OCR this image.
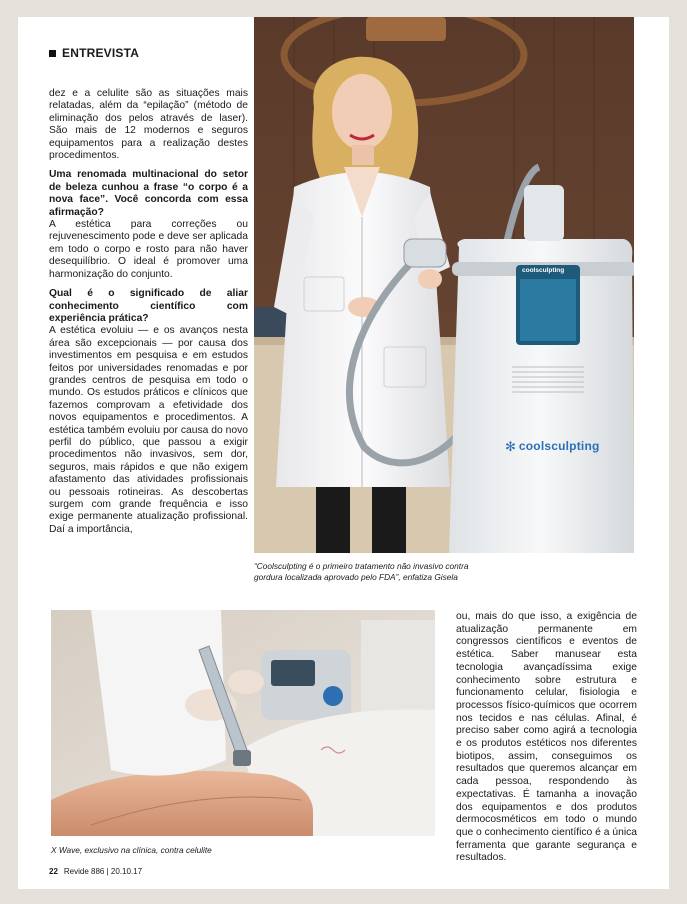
ENTREVISTA

dez e a celulite são as situações mais relatadas, além da “epilação” (método de eliminação dos pelos através de laser). São mais de 12 modernos e seguros equipamentos para a realização destes procedimentos.

Uma renomada multinacional do setor de beleza cunhou a frase “o corpo é a nova face”. Você concorda com essa afirmação?

A estética para correções ou rejuvenescimento pode e deve ser aplicada em todo o corpo e rosto para não haver desequilíbrio. O ideal é promover uma harmonização do conjunto.

Qual é o significado de aliar conhecimento científico com experiência prática?

A estética evoluiu — e os avanços nesta área são excepcionais — por causa dos investimentos em pesquisa e em estudos feitos por universidades renomadas e por grandes centros de pesquisa em todo o mundo. Os estudos práticos e clínicos que fazemos comprovam a efetividade dos novos equipamentos e procedimentos. A estética também evoluiu por causa do novo perfil do público, que passou a exigir procedimentos não invasivos, sem dor, seguros, mais rápidos e que não exigem afastamento das atividades profissionais ou pessoais rotineiras. As descobertas surgem com grande frequência e isso exige permanente atualização profissional. Daí a importância,

coolsculpting
✻ coolsculpting
“Coolsculpting é o primeiro tratamento não invasivo contra gordura localizada aprovado pelo FDA”, enfatiza Gisela
X Wave, exclusivo na clínica, contra celulite

ou, mais do que isso, a exigência de atualização permanente em congressos científicos e eventos de estética. Saber manusear esta tecnologia avançadíssima exige conhecimento sobre estrutura e funcionamento celular, fisiologia e processos físico-químicos que ocorrem nos tecidos e nas células. Afinal, é preciso saber como agirá a tecnologia e os produtos estéticos nos diferentes biotipos, assim, conseguimos os resultados que queremos alcançar em cada pessoa, respondendo às expectativas. É tamanha a inovação dos equipamentos e dos produtos dermocosméticos em todo o mundo que o conhecimento científico é a única ferramenta que garante segurança e resultados.

22 Revide 886 | 20.10.17
